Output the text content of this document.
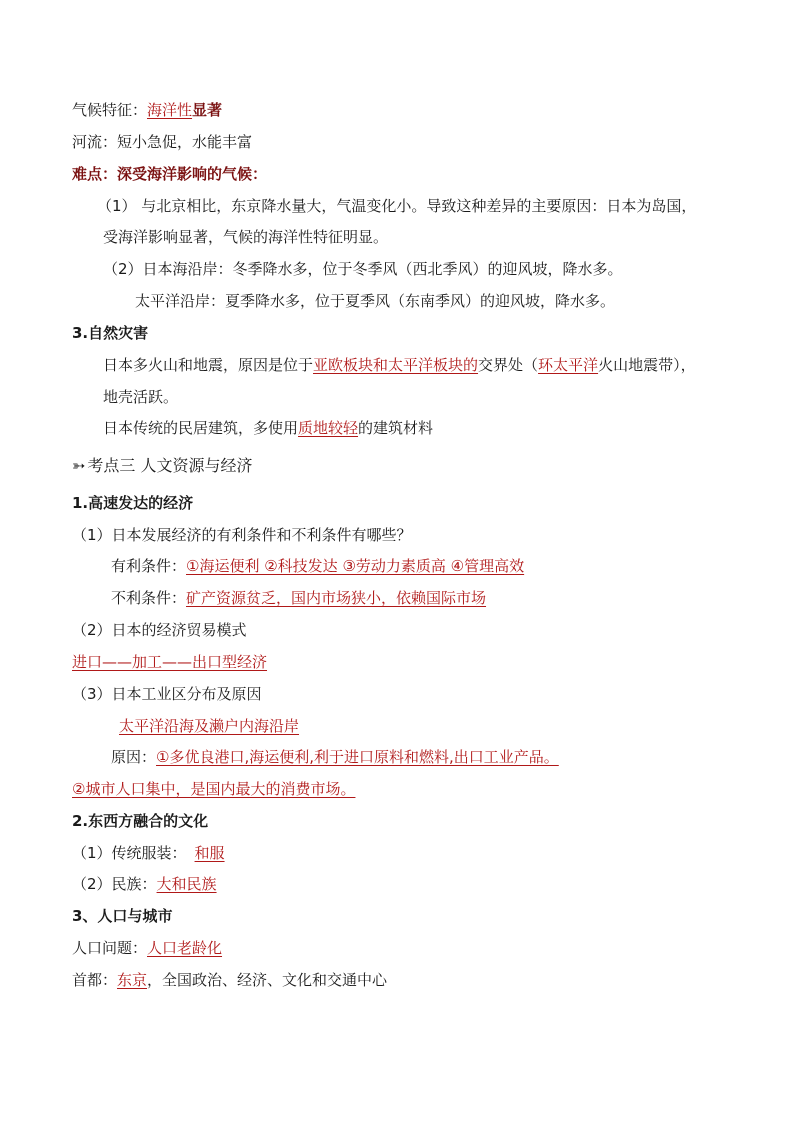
气候特征：海洋性显著
河流：短小急促，水能丰富
难点：深受海洋影响的气候：
（1） 与北京相比，东京降水量大，气温变化小。导致这种差异的主要原因：日本为岛国，
受海洋影响显著，气候的海洋性特征明显。
（2）日本海沿岸：冬季降水多，位于冬季风（西北季风）的迎风坡，降水多。
太平洋沿岸：夏季降水多，位于夏季风（东南季风）的迎风坡，降水多。
3.自然灾害
日本多火山和地震，原因是位于亚欧板块和太平洋板块的交界处（环太平洋火山地震带），
地壳活跃。
日本传统的民居建筑，多使用质地较轻的建筑材料
➳ 考点三 人文资源与经济
1.高速发达的经济
（1）日本发展经济的有利条件和不利条件有哪些？
有利条件：①海运便利 ②科技发达 ③劳动力素质高 ④管理高效
不利条件：矿产资源贫乏，国内市场狭小，依赖国际市场
（2）日本的经济贸易模式
进口——加工——出口型经济
（3）日本工业区分布及原因
太平洋沿海及濑户内海沿岸
原因：①多优良港口,海运便利,利于进口原料和燃料,出口工业产品。
②城市人口集中，是国内最大的消费市场。
2.东西方融合的文化
（1）传统服装： 和服
（2）民族：大和民族
3、人口与城市
人口问题：人口老龄化
首都：东京，全国政治、经济、文化和交通中心
